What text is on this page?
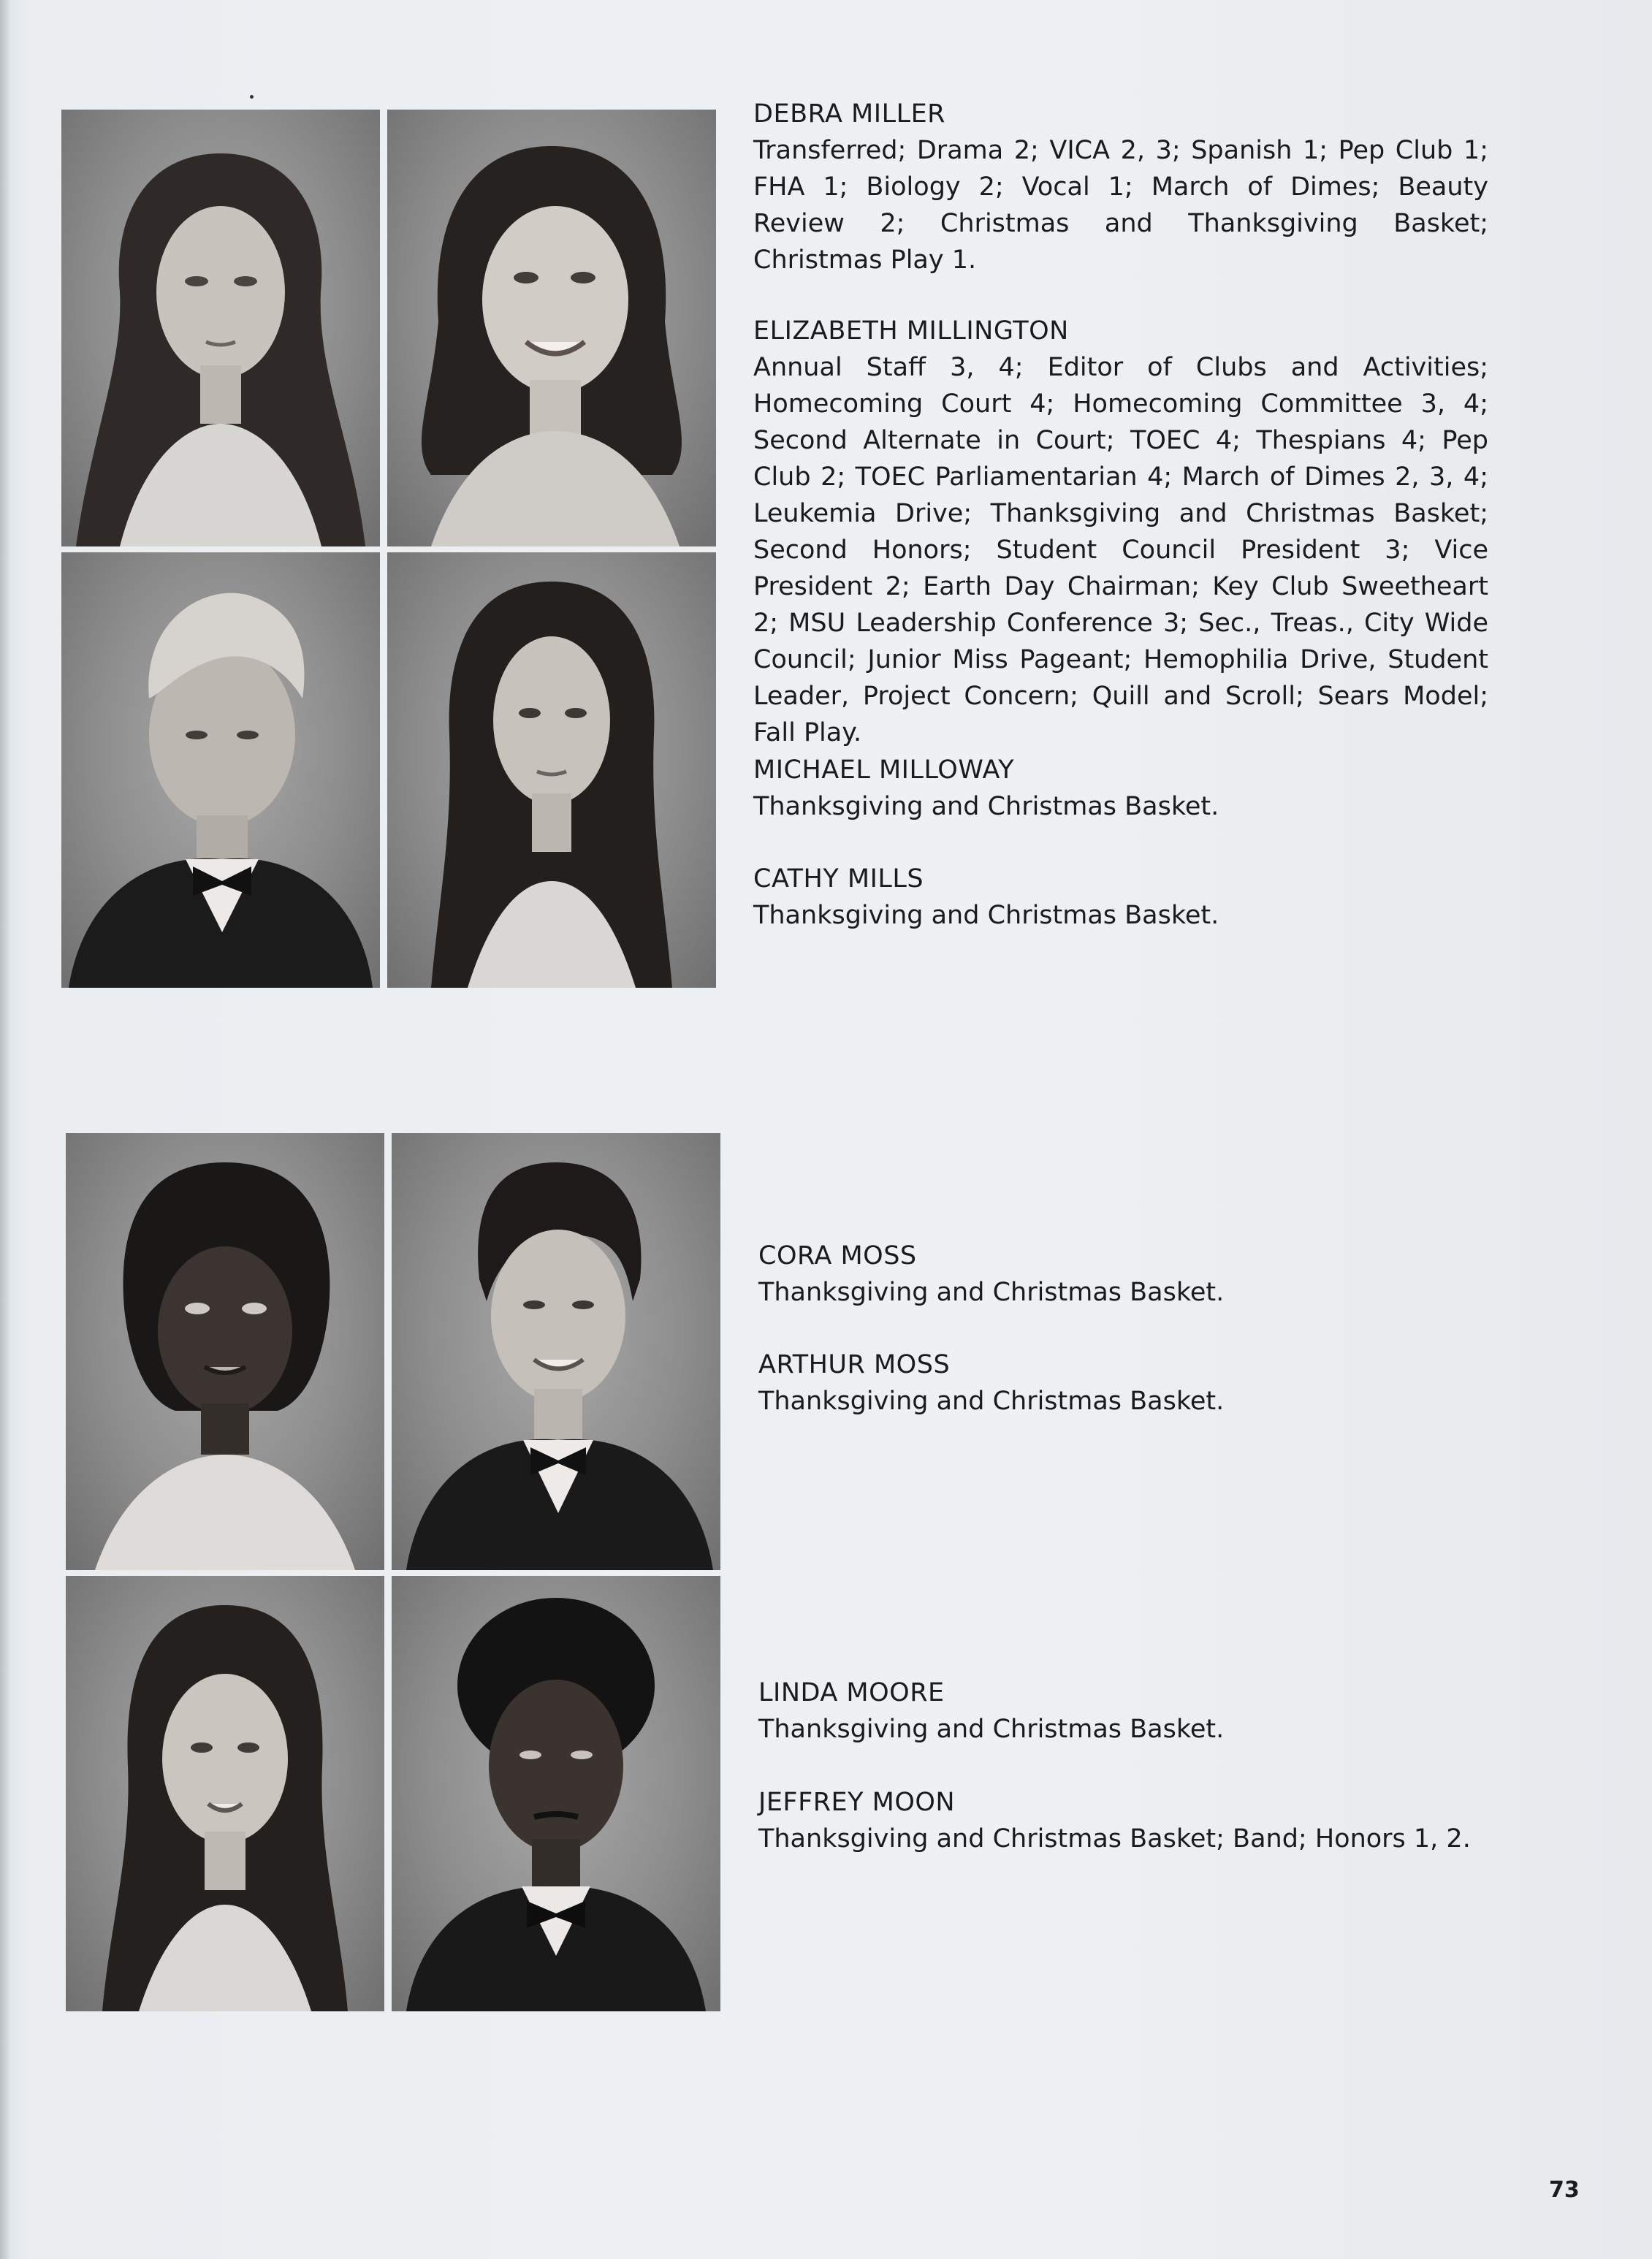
DEBRA MILLER
Transferred; Drama 2; VICA 2, 3; Spanish 1; Pep Club 1; FHA 1; Biology 2; Vocal 1; March of Dimes; Beauty Review 2; Christmas and Thanksgiving Basket; Christmas Play 1.
ELIZABETH MILLINGTON
Annual Staff 3, 4; Editor of Clubs and Activities; Homecoming Court 4; Homecoming Committee 3, 4; Second Alternate in Court; TOEC 4; Thespians 4; Pep Club 2; TOEC Parliamentarian 4; March of Dimes 2, 3, 4; Leukemia Drive; Thanksgiving and Christmas Basket; Second Honors; Student Council President 3; Vice President 2; Earth Day Chairman; Key Club Sweetheart 2; MSU Leadership Conference 3; Sec., Treas., City Wide Council; Junior Miss Pageant; Hemophilia Drive, Student Leader, Project Concern; Quill and Scroll; Sears Model; Fall Play.
MICHAEL MILLOWAY
Thanksgiving and Christmas Basket.
CATHY MILLS
Thanksgiving and Christmas Basket.
CORA MOSS
Thanksgiving and Christmas Basket.
ARTHUR MOSS
Thanksgiving and Christmas Basket.
LINDA MOORE
Thanksgiving and Christmas Basket.
JEFFREY MOON
Thanksgiving and Christmas Basket; Band; Honors 1, 2.
73
